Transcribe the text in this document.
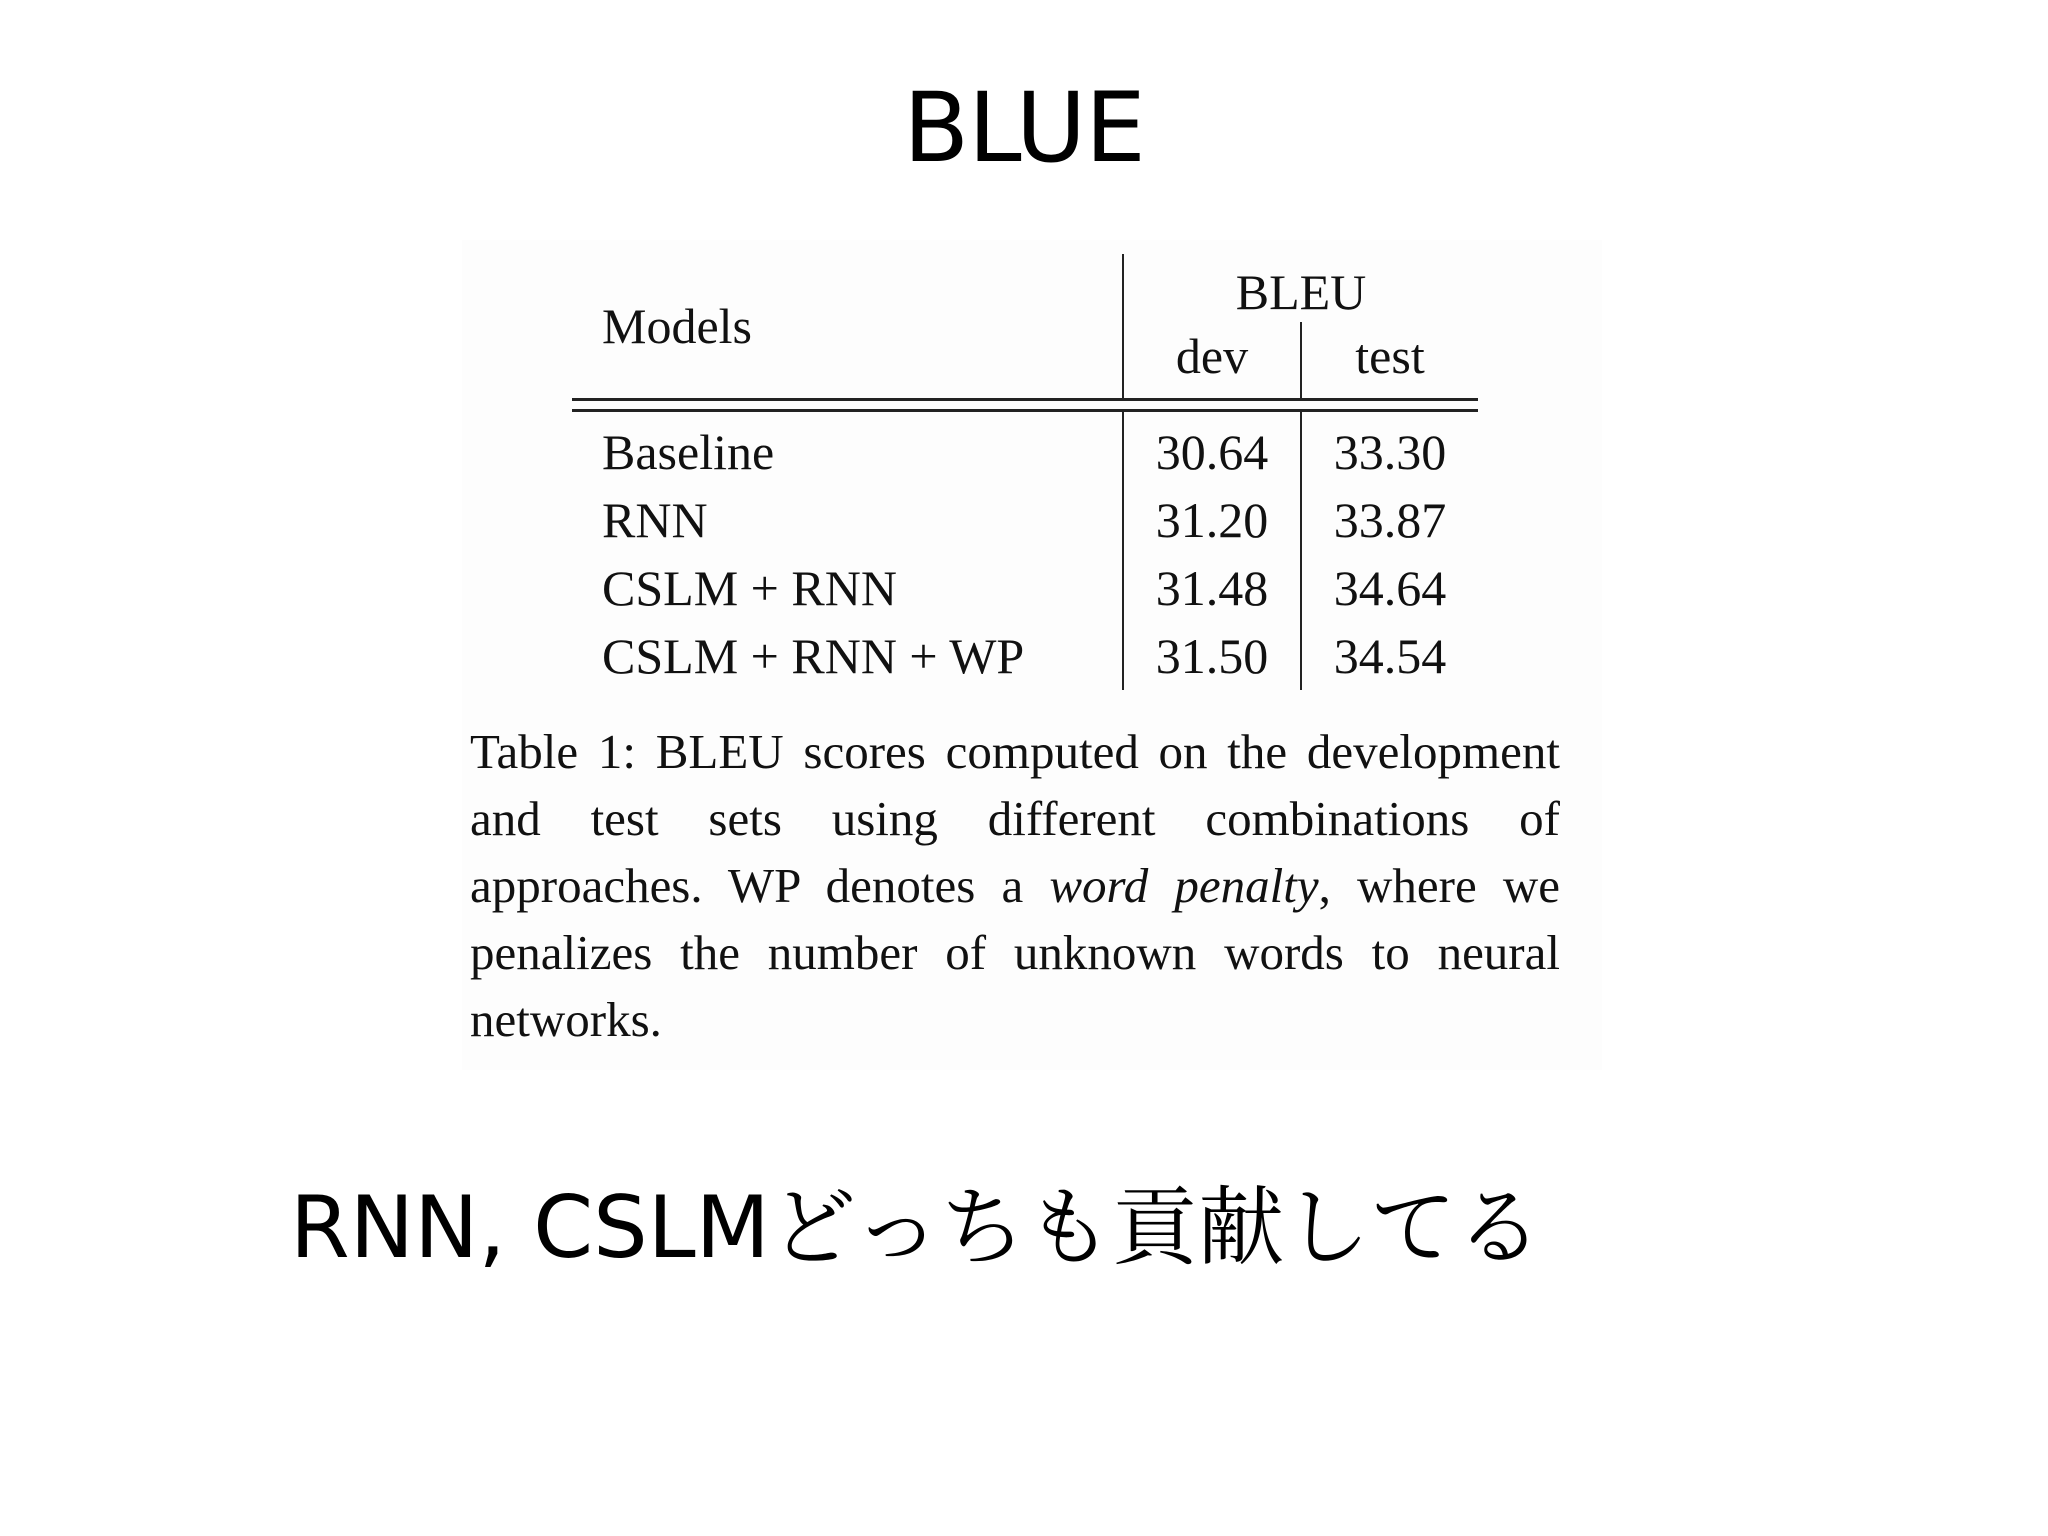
BLUE
Models	BLEU	
	dev	test

Baseline	30.64	33.30
RNN	31.20	33.87
CSLM + RNN	31.48	34.64
CSLM + RNN + WP	31.50	34.54
Table 1: BLEU scores computed on the development and test sets using different combinations of approaches. WP denotes a word penalty, where we penalizes the number of unknown words to neural networks.
RNN, CSLMどっちも貢献してる
